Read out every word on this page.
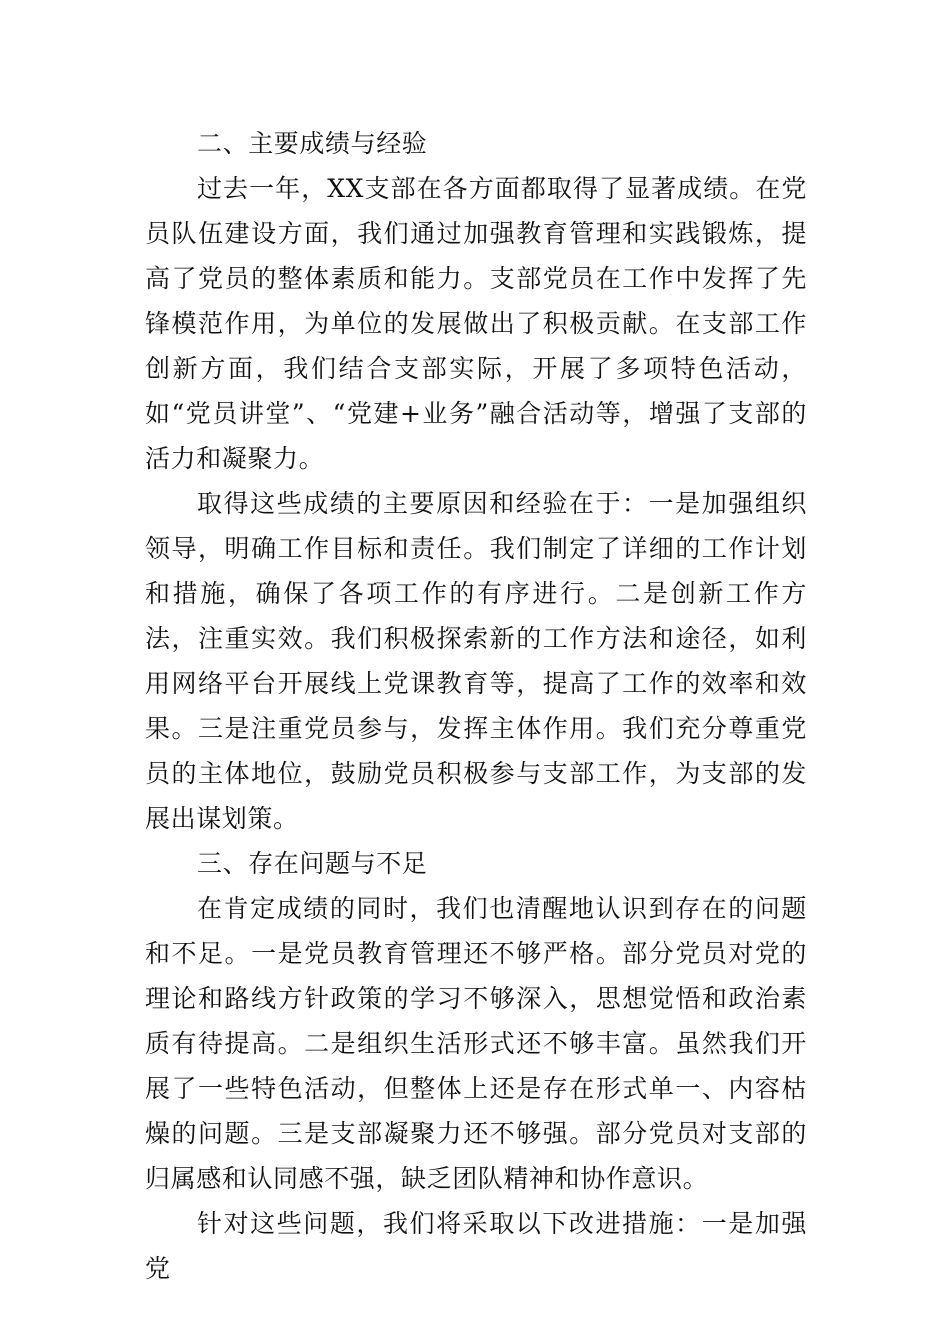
二、主要成绩与经验

过去一年，XX支部在各方面都取得了显著成绩。在党员队伍建设方面，我们通过加强教育管理和实践锻炼，提高了党员的整体素质和能力。支部党员在工作中发挥了先锋模范作用，为单位的发展做出了积极贡献。在支部工作创新方面，我们结合支部实际，开展了多项特色活动，如“党员讲堂”、“党建+业务”融合活动等，增强了支部的活力和凝聚力。

取得这些成绩的主要原因和经验在于：一是加强组织领导，明确工作目标和责任。我们制定了详细的工作计划和措施，确保了各项工作的有序进行。二是创新工作方法，注重实效。我们积极探索新的工作方法和途径，如利用网络平台开展线上党课教育等，提高了工作的效率和效果。三是注重党员参与，发挥主体作用。我们充分尊重党员的主体地位，鼓励党员积极参与支部工作，为支部的发展出谋划策。

三、存在问题与不足

在肯定成绩的同时，我们也清醒地认识到存在的问题和不足。一是党员教育管理还不够严格。部分党员对党的理论和路线方针政策的学习不够深入，思想觉悟和政治素质有待提高。二是组织生活形式还不够丰富。虽然我们开展了一些特色活动，但整体上还是存在形式单一、内容枯燥的问题。三是支部凝聚力还不够强。部分党员对支部的归属感和认同感不强，缺乏团队精神和协作意识。

针对这些问题，我们将采取以下改进措施：一是加强党
